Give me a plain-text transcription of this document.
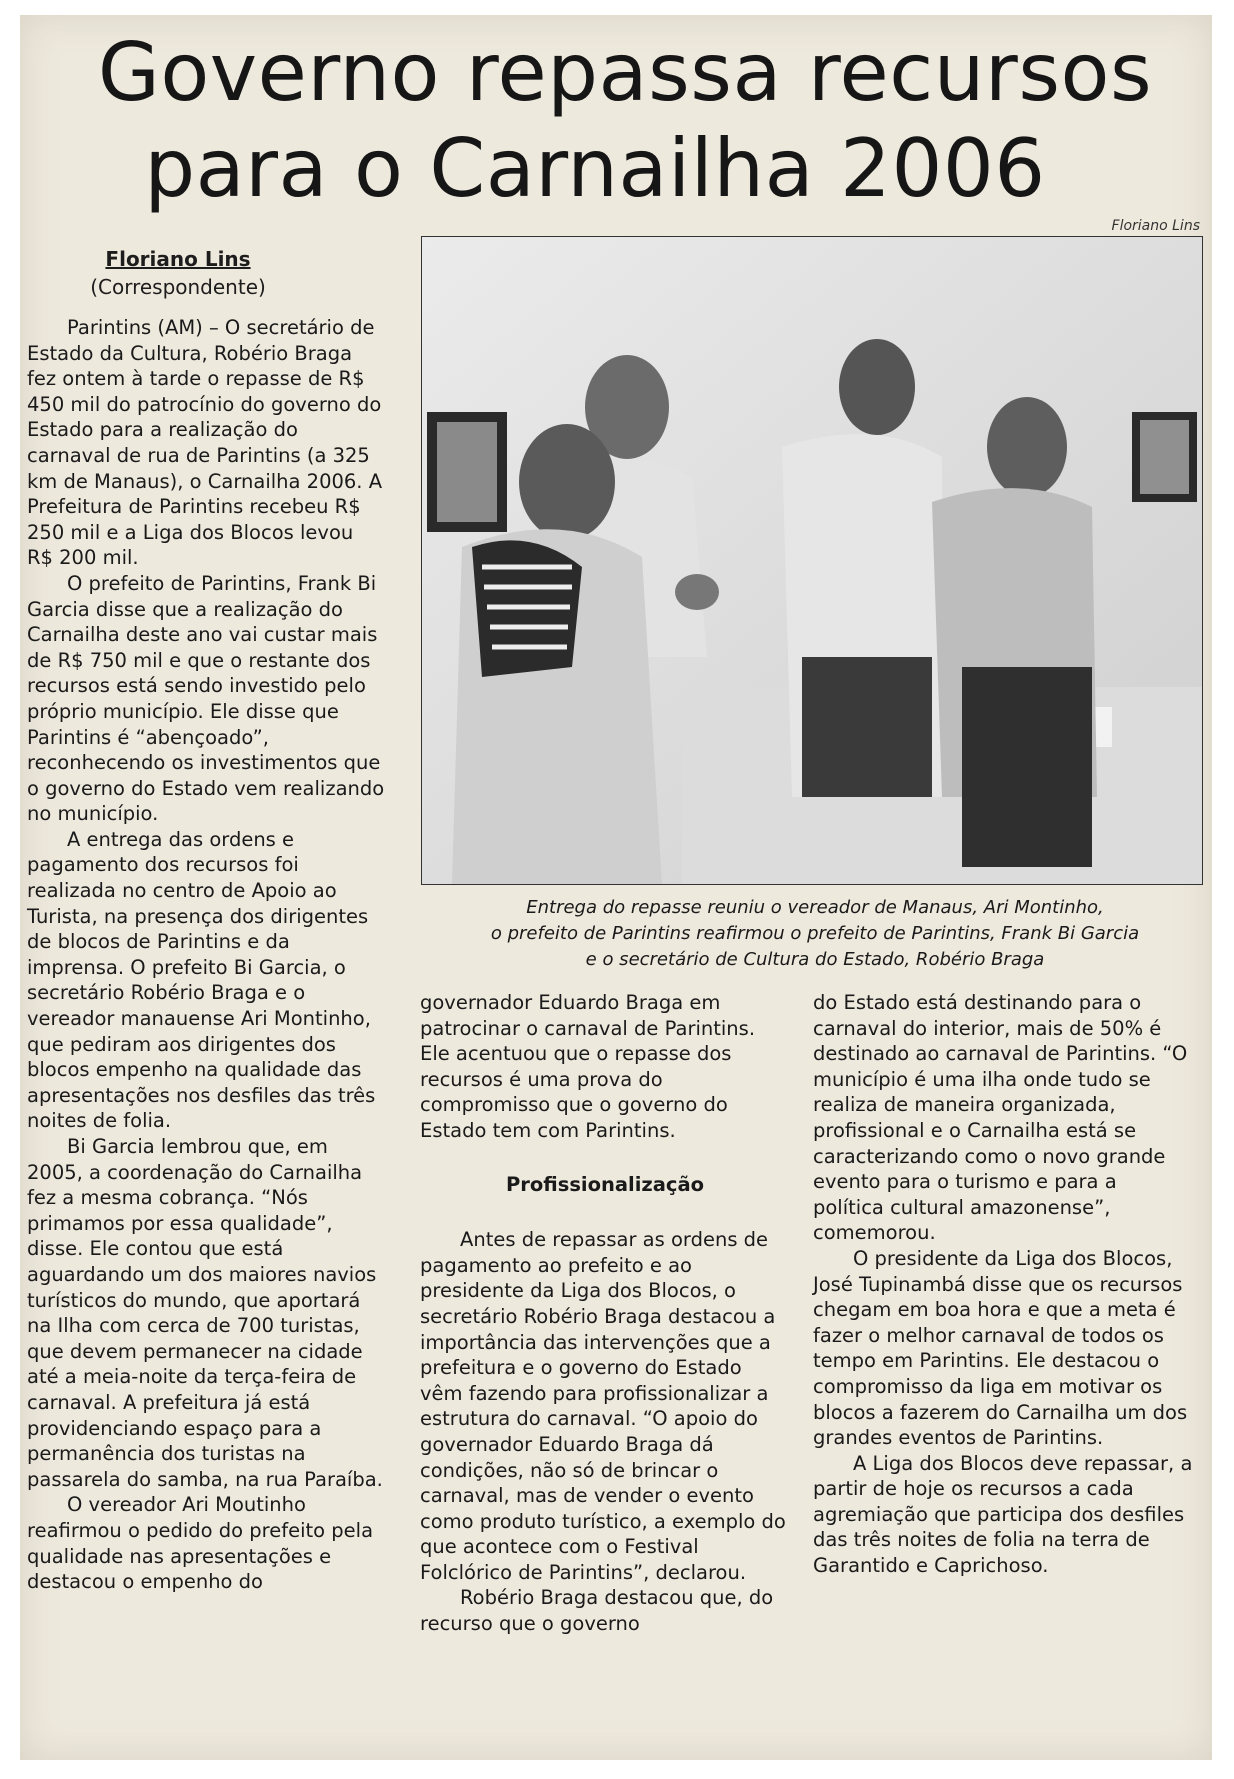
Governo repassa recursos
para o Carnailha 2006
Floriano Lins
(Correspondente)
Floriano Lins
Entrega do repasse reuniu o vereador de Manaus, Ari Montinho,
o prefeito de Parintins reafirmou o prefeito de Parintins, Frank Bi Garcia
e o secretário de Cultura do Estado, Robério Braga

Parintins (AM) – O secretário de Estado da Cultura, Robério Braga fez ontem à tarde o repasse de R$ 450 mil do patrocínio do governo do Estado para a realização do carnaval de rua de Parintins (a 325 km de Manaus), o Carnailha 2006. A Prefeitura de Parintins recebeu R$ 250 mil e a Liga dos Blocos levou R$ 200 mil.

O prefeito de Parintins, Frank Bi Garcia disse que a realização do Carnailha deste ano vai custar mais de R$ 750 mil e que o restante dos recursos está sendo investido pelo próprio município. Ele disse que Parintins é “abençoado”, reconhecendo os investimentos que o governo do Estado vem realizando no município.

A entrega das ordens e pagamento dos recursos foi realizada no centro de Apoio ao Turista, na presença dos dirigentes de blocos de Parintins e da imprensa. O prefeito Bi Garcia, o secretário Robério Braga e o vereador manauense Ari Montinho, que pediram aos dirigentes dos blocos empenho na qualidade das apresentações nos desfiles das três noites de folia.

Bi Garcia lembrou que, em 2005, a coordenação do Carnailha fez a mesma cobrança. “Nós primamos por essa qualidade”, disse. Ele contou que está aguardando um dos maiores navios turísticos do mundo, que aportará na Ilha com cerca de 700 turistas, que devem permanecer na cidade até a meia-noite da terça-feira de carnaval. A prefeitura já está providenciando espaço para a permanência dos turistas na passarela do samba, na rua Paraíba.

O vereador Ari Moutinho reafirmou o pedido do prefeito pela qualidade nas apresentações e destacou o empenho do

governador Eduardo Braga em patrocinar o carnaval de Parintins. Ele acentuou que o repasse dos recursos é uma prova do compromisso que o governo do Estado tem com Parintins.

Profissionalização

Antes de repassar as ordens de pagamento ao prefeito e ao presidente da Liga dos Blocos, o secretário Robério Braga destacou a importância das intervenções que a prefeitura e o governo do Estado vêm fazendo para profissionalizar a estrutura do carnaval. “O apoio do governador Eduardo Braga dá condições, não só de brincar o carnaval, mas de vender o evento como produto turístico, a exemplo do que acontece com o Festival Folclórico de Parintins”, declarou.

Robério Braga destacou que, do recurso que o governo

do Estado está destinando para o carnaval do interior, mais de 50% é destinado ao carnaval de Parintins. “O município é uma ilha onde tudo se realiza de maneira organizada, profissional e o Carnailha está se caracterizando como o novo grande evento para o turismo e para a política cultural amazonense”, comemorou.

O presidente da Liga dos Blocos, José Tupinambá disse que os recursos chegam em boa hora e que a meta é fazer o melhor carnaval de todos os tempo em Parintins. Ele destacou o compromisso da liga em motivar os blocos a fazerem do Carnailha um dos grandes eventos de Parintins.

A Liga dos Blocos deve repassar, a partir de hoje os recursos a cada agremiação que participa dos desfiles das três noites de folia na terra de Garantido e Caprichoso.
